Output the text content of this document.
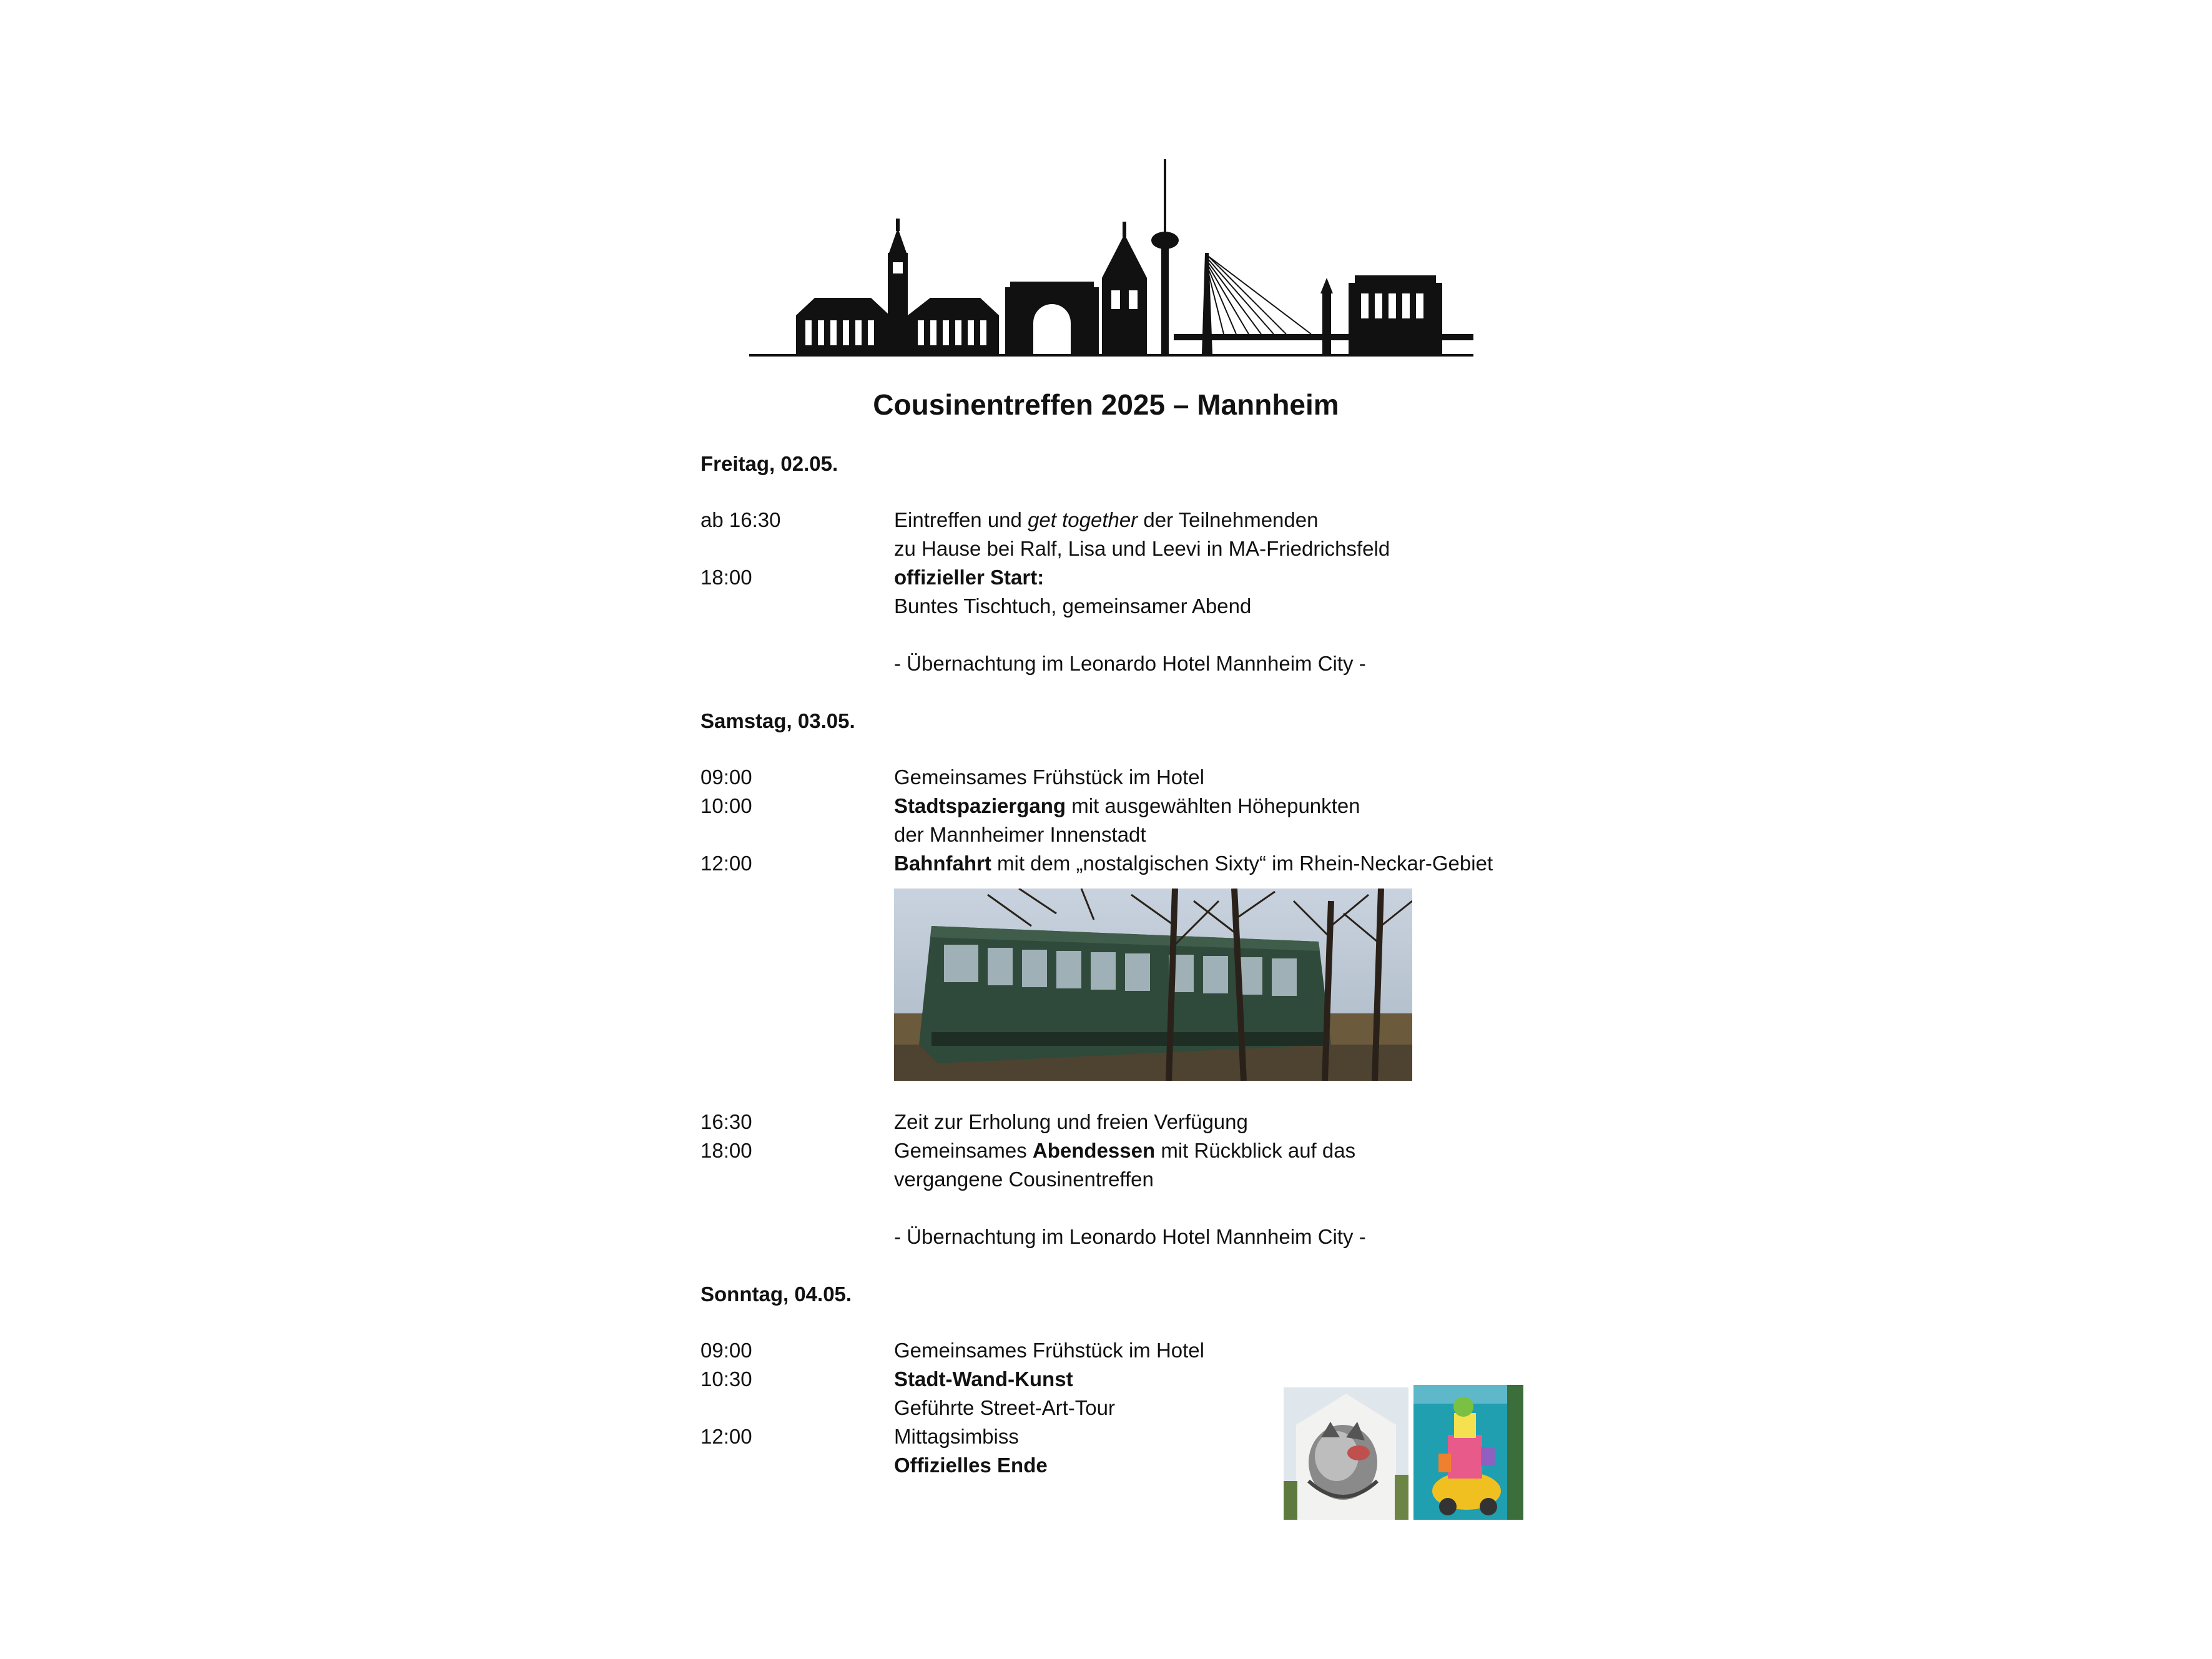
Cousinentreffen 2025 – Mannheim
Freitag, 02.05.
ab 16:30	Eintreffen und get together der Teilnehmenden
zu Hause bei Ralf, Lisa und Leevi in MA-Friedrichsfeld
18:00	offizieller Start:
Buntes Tischtuch, gemeinsamer Abend
- Übernachtung im Leonardo Hotel Mannheim City -
Samstag, 03.05.
09:00	Gemeinsames Frühstück im Hotel
10:00	Stadtspaziergang mit ausgewählten Höhepunkten
der Mannheimer Innenstadt
12:00	Bahnfahrt mit dem „nostalgischen Sixty“ im Rhein-Neckar-Gebiet
16:30	Zeit zur Erholung und freien Verfügung
18:00	Gemeinsames Abendessen mit Rückblick auf das
vergangene Cousinentreffen
- Übernachtung im Leonardo Hotel Mannheim City -
Sonntag, 04.05.
09:00	Gemeinsames Frühstück im Hotel
10:30	Stadt-Wand-Kunst
Geführte Street-Art-Tour
12:00	Mittagsimbiss
Offizielles Ende
